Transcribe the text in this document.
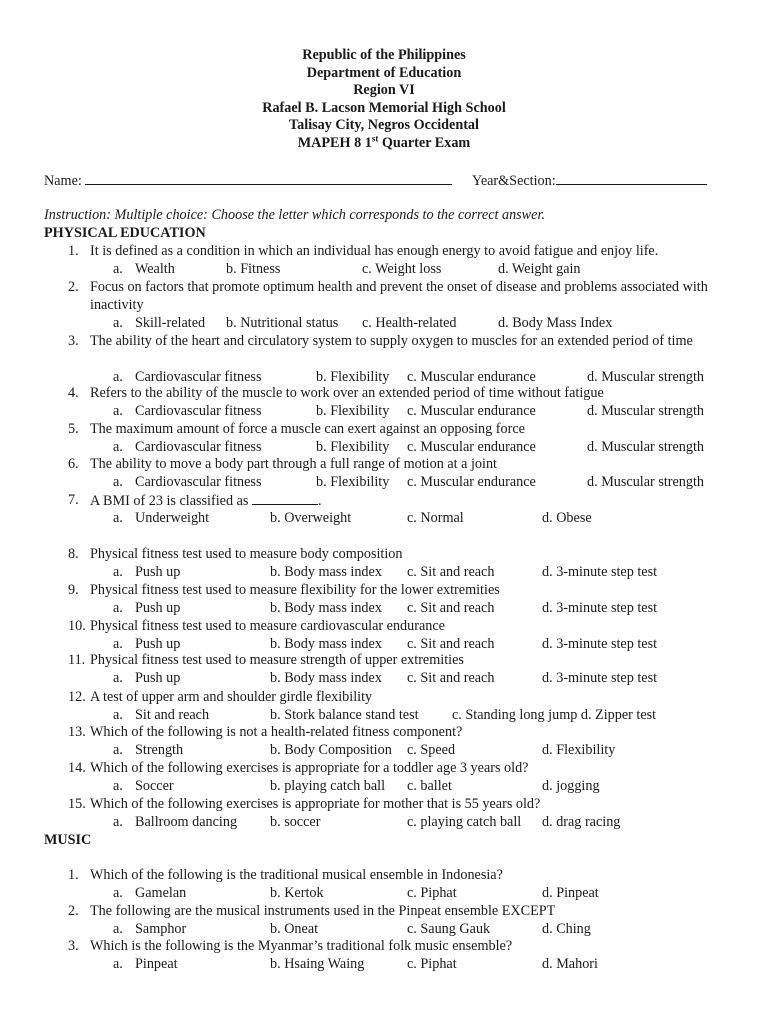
Republic of the Philippines
Department of Education
Region VI
Rafael B. Lacson Memorial High School
Talisay City, Negros Occidental
MAPEH 8 1st Quarter Exam
Name:	Year&Section:
Instruction: Multiple choice: Choose the letter which corresponds to the correct answer.
PHYSICAL EDUCATION
1. It is defined as a condition in which an individual has enough energy to avoid fatigue and enjoy life.
a. Wealth	b. Fitness	c. Weight loss	d. Weight gain
2. Focus on factors that promote optimum health and prevent the onset of disease and problems associated with inactivity
a. Skill-related b. Nutritional status c. Health-related	d. Body Mass Index
3. The ability of the heart and circulatory system to supply oxygen to muscles for an extended period of time
a. Cardiovascular fitness	b. Flexibility c. Muscular endurance	d. Muscular strength
4. Refers to the ability of the muscle to work over an extended period of time without fatigue
a. Cardiovascular fitness	b. Flexibility c. Muscular endurance	d. Muscular strength
5. The maximum amount of force a muscle can exert against an opposing force
a. Cardiovascular fitness	b. Flexibility c. Muscular endurance	d. Muscular strength
6. The ability to move a body part through a full range of motion at a joint
a. Cardiovascular fitness	b. Flexibility c. Muscular endurance	d. Muscular strength
7. A BMI of 23 is classified as	.
a. Underweight	b. Overweight	c. Normal	d. Obese
8. Physical fitness test used to measure body composition
a. Push up	b. Body mass index c. Sit and reach	d. 3-minute step test
9. Physical fitness test used to measure flexibility for the lower extremities
a. Push up	b. Body mass index c. Sit and reach	d. 3-minute step test
10. Physical fitness test used to measure cardiovascular endurance
a. Push up	b. Body mass index c. Sit and reach	d. 3-minute step test
11. Physical fitness test used to measure strength of upper extremities
a. Push up	b. Body mass index c. Sit and reach	d. 3-minute step test
12. A test of upper arm and shoulder girdle flexibility
a. Sit and reach	b. Stork balance stand test c. Standing long jump d. Zipper test
13. Which of the following is not a health-related fitness component?
a. Strength	b. Body Composition c. Speed	d. Flexibility
14. Which of the following exercises is appropriate for a toddler age 3 years old?
a. Soccer	b. playing catch ball c. ballet	d. jogging
15. Which of the following exercises is appropriate for mother that is 55 years old?
a. Ballroom dancing b. soccer	c. playing catch ball d. drag racing
MUSIC
1. Which of the following is the traditional musical ensemble in Indonesia?
a. Gamelan	b. Kertok	c. Piphat	d. Pinpeat
2. The following are the musical instruments used in the Pinpeat ensemble EXCEPT
a. Samphor	b. Oneat	c. Saung Gauk	d. Ching
3. Which is the following is the Myanmar’s traditional folk music ensemble?
a. Pinpeat	b. Hsaing Waing	c. Piphat	d. Mahori
